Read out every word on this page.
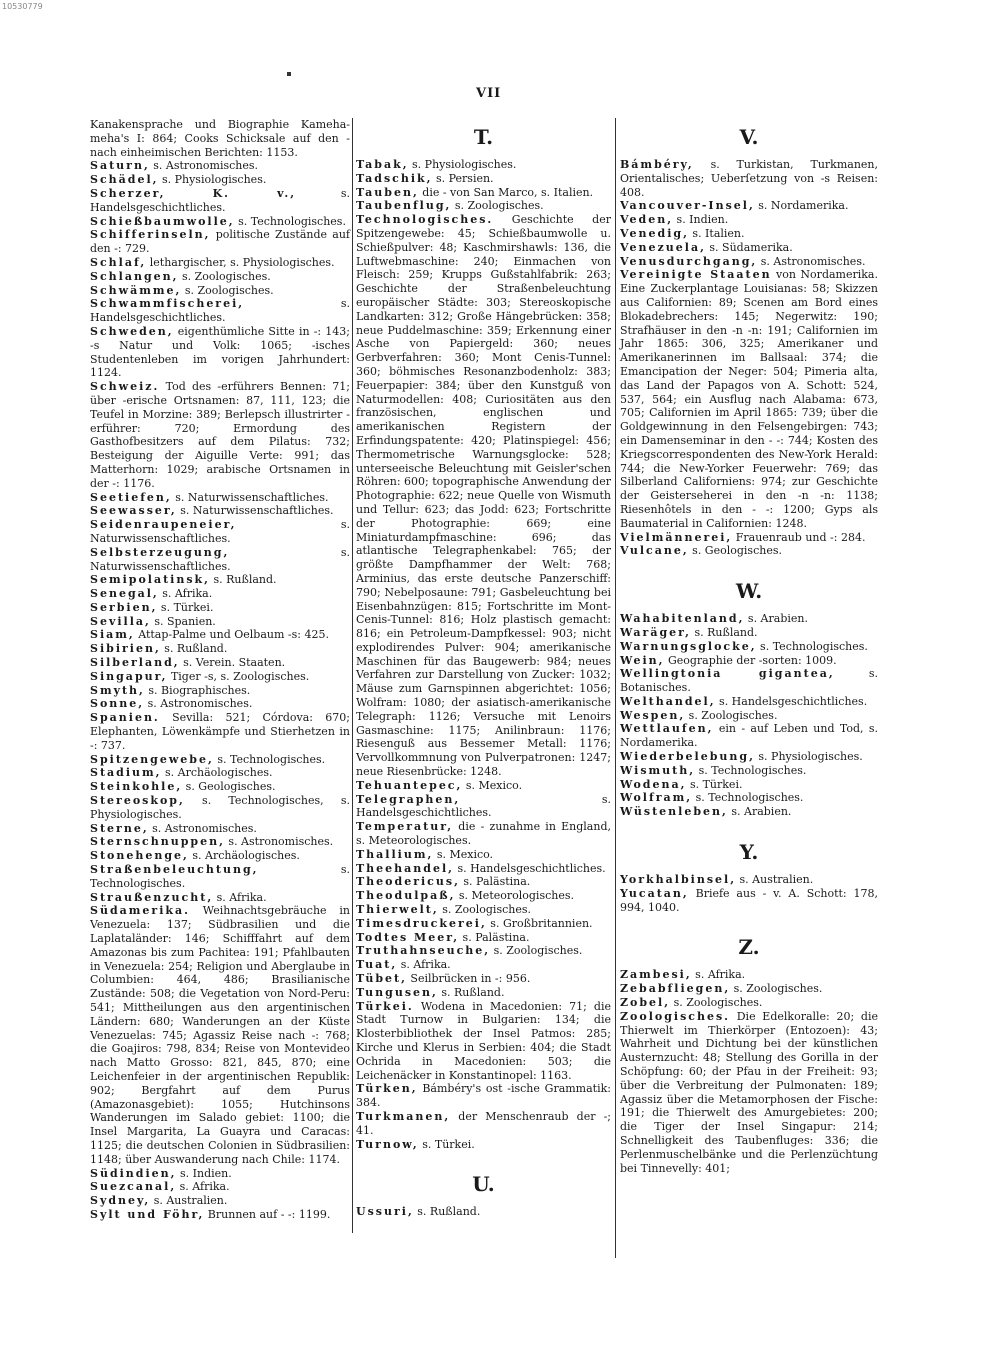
10530779
VII

Kanakensprache und Biographie Kameha-meha's I: 864; Cooks Schicksale auf den - nach einheimischen Berichten: 1153.

Saturn, s. Astronomisches.

Schädel, s. Physiologisches.

Scherzer, K. v., s. Handelsgeschichtliches.

Schießbaumwolle, s. Technologisches.

Schifferinseln, politische Zustände auf den -: 729.

Schlaf, lethargischer, s. Physiologisches.

Schlangen, s. Zoologisches.

Schwämme, s. Zoologisches.

Schwammfischerei, s. Handelsgeschichtliches.

Schweden, eigenthümliche Sitte in -: 143; -s Natur und Volk: 1065; -isches Studentenleben im vorigen Jahrhundert: 1124.

Schweiz. Tod des -erführers Bennen: 71; über -erische Ortsnamen: 87, 111, 123; die Teufel in Morzine: 389; Berlepsch illustrirter -erführer: 720; Ermordung des Gasthofbesitzers auf dem Pilatus: 732; Besteigung der Aiguille Verte: 991; das Matterhorn: 1029; arabische Ortsnamen in der -: 1176.

Seetiefen, s. Naturwissenschaftliches.

Seewasser, s. Naturwissenschaftliches.

Seidenraupeneier, s. Naturwissenschaftliches.

Selbsterzeugung, s. Naturwissenschaftliches.

Semipolatinsk, s. Rußland.

Senegal, s. Afrika.

Serbien, s. Türkei.

Sevilla, s. Spanien.

Siam, Attap-Palme und Oelbaum -s: 425.

Sibirien, s. Rußland.

Silberland, s. Verein. Staaten.

Singapur, Tiger -s, s. Zoologisches.

Smyth, s. Biographisches.

Sonne, s. Astronomisches.

Spanien. Sevilla: 521; Córdova: 670; Elephanten, Löwenkämpfe und Stierhetzen in -: 737.

Spitzengewebe, s. Technologisches.

Stadium, s. Archäologisches.

Steinkohle, s. Geologisches.

Stereoskop, s. Technologisches, s. Physiologisches.

Sterne, s. Astronomisches.

Sternschnuppen, s. Astronomisches.

Stonehenge, s. Archäologisches.

Straßenbeleuchtung, s. Technologisches.

Straußenzucht, s. Afrika.

Südamerika. Weihnachtsgebräuche in Venezuela: 137; Südbrasilien und die Laplataländer: 146; Schifffahrt auf dem Amazonas bis zum Pachitea: 191; Pfahlbauten in Venezuela: 254; Religion und Aberglaube in Columbien: 464, 486; Brasilianische Zustände: 508; die Vegetation von Nord-Peru: 541; Mittheilungen aus den argentinischen Ländern: 680; Wanderungen an der Küste Venezuelas: 745; Agassiz Reise nach -: 768; die Goajiros: 798, 834; Reise von Montevideo nach Matto Grosso: 821, 845, 870; eine Leichenfeier in der argentinischen Republik: 902; Bergfahrt auf dem Purus (Amazonasgebiet): 1055; Hutchinsons Wanderungen im Salado gebiet: 1100; die Insel Margarita, La Guayra und Caracas: 1125; die deutschen Colonien in Südbrasilien: 1148; über Auswanderung nach Chile: 1174.

Südindien, s. Indien.

Suezcanal, s. Afrika.

Sydney, s. Australien.

Sylt und Föhr, Brunnen auf - -: 1199.

T.

Tabak, s. Physiologisches.

Tadschik, s. Persien.

Tauben, die - von San Marco, s. Italien.

Taubenflug, s. Zoologisches.

Technologisches. Geschichte der Spitzengewebe: 45; Schießbaumwolle u. Schießpulver: 48; Kaschmirshawls: 136, die Luftwebmaschine: 240; Einmachen von Fleisch: 259; Krupps Gußstahlfabrik: 263; Geschichte der Straßenbeleuchtung europäischer Städte: 303; Stereoskopische Landkarten: 312; Große Hängebrücken: 358; neue Puddelmaschine: 359; Erkennung einer Asche von Papiergeld: 360; neues Gerbverfahren: 360; Mont Cenis-Tunnel: 360; böhmisches Resonanzbodenholz: 383; Feuerpapier: 384; über den Kunstguß von Naturmodellen: 408; Curiositäten aus den französischen, englischen und amerikanischen Registern der Erfindungspatente: 420; Platinspiegel: 456; Thermometrische Warnungsglocke: 528; unterseeische Beleuchtung mit Geisler'schen Röhren: 600; topographische Anwendung der Photographie: 622; neue Quelle von Wismuth und Tellur: 623; das Jodd: 623; Fortschritte der Photographie: 669; eine Miniaturdampfmaschine: 696; das atlantische Telegraphenkabel: 765; der größte Dampfhammer der Welt: 768; Arminius, das erste deutsche Panzerschiff: 790; Nebelposaune: 791; Gasbeleuchtung bei Eisenbahnzügen: 815; Fortschritte im Mont-Cenis-Tunnel: 816; Holz plastisch gemacht: 816; ein Petroleum-Dampfkessel: 903; nicht explodirendes Pulver: 904; amerikanische Maschinen für das Baugewerb: 984; neues Verfahren zur Darstellung von Zucker: 1032; Mäuse zum Garnspinnen abgerichtet: 1056; Wolfram: 1080; der asiatisch-amerikanische Telegraph: 1126; Versuche mit Lenoirs Gasmaschine: 1175; Anilinbraun: 1176; Riesenguß aus Bessemer Metall: 1176; Vervollkommnung von Pulverpatronen: 1247; neue Riesenbrücke: 1248.

Tehuantepec, s. Mexico.

Telegraphen, s. Handelsgeschichtliches.

Temperatur, die - zunahme in England, s. Meteorologisches.

Thallium, s. Mexico.

Theehandel, s. Handelsgeschichtliches.

Theodericus, s. Palästina.

Theodulpaß, s. Meteorologisches.

Thierwelt, s. Zoologisches.

Timesdruckerei, s. Großbritannien.

Todtes Meer, s. Palästina.

Truthahnseuche, s. Zoologisches.

Tuat, s. Afrika.

Tübet, Seilbrücken in -: 956.

Tungusen, s. Rußland.

Türkei. Wodena in Macedonien: 71; die Stadt Turnow in Bulgarien: 134; die Klosterbibliothek der Insel Patmos: 285; Kirche und Klerus in Serbien: 404; die Stadt Ochrida in Macedonien: 503; die Leichenäcker in Konstantinopel: 1163.

Türken, Bámbéry's ost -ische Grammatik: 384.

Turkmanen, der Menschenraub der -; 41.

Turnow, s. Türkei.

U.

Ussuri, s. Rußland.

V.

Bámbéry, s. Turkistan, Turkmanen, Orientalisches; Ueberſetzung von -s Reisen: 408.

Vancouver-Insel, s. Nordamerika.

Veden, s. Indien.

Venedig, s. Italien.

Venezuela, s. Südamerika.

Venusdurchgang, s. Astronomisches.

Vereinigte Staaten von Nordamerika. Eine Zuckerplantage Louisianas: 58; Skizzen aus Californien: 89; Scenen am Bord eines Blokadebrechers: 145; Negerwitz: 190; Strafhäuser in den -n -n: 191; Californien im Jahr 1865: 306, 325; Amerikaner und Amerikanerinnen im Ballsaal: 374; die Emancipation der Neger: 504; Pimeria alta, das Land der Papagos von A. Schott: 524, 537, 564; ein Ausflug nach Alabama: 673, 705; Californien im April 1865: 739; über die Goldgewinnung in den Felsengebirgen: 743; ein Damenseminar in den - -: 744; Kosten des Kriegscorrespondenten des New-York Herald: 744; die New-Yorker Feuerwehr: 769; das Silberland Californiens: 974; zur Geschichte der Geisterseherei in den -n -n: 1138; Riesenhôtels in den - -: 1200; Gyps als Baumaterial in Californien: 1248.

Vielmännerei, Frauenraub und -: 284.

Vulcane, s. Geologisches.

W.

Wahabitenland, s. Arabien.

Waräger, s. Rußland.

Warnungsglocke, s. Technologisches.

Wein, Geographie der -sorten: 1009.

Wellingtonia gigantea, s. Botanisches.

Welthandel, s. Handelsgeschichtliches.

Wespen, s. Zoologisches.

Wettlaufen, ein - auf Leben und Tod, s. Nordamerika.

Wiederbelebung, s. Physiologisches.

Wismuth, s. Technologisches.

Wodena, s. Türkei.

Wolfram, s. Technologisches.

Wüstenleben, s. Arabien.

Y.

Yorkhalbinsel, s. Australien.

Yucatan, Briefe aus - v. A. Schott: 178, 994, 1040.

Z.

Zambesi, s. Afrika.

Zebabfliegen, s. Zoologisches.

Zobel, s. Zoologisches.

Zoologisches. Die Edelkoralle: 20; die Thierwelt im Thierkörper (Entozoen): 43; Wahrheit und Dichtung bei der künstlichen Austernzucht: 48; Stellung des Gorilla in der Schöpfung: 60; der Pfau in der Freiheit: 93; über die Verbreitung der Pulmonaten: 189; Agassiz über die Metamorphosen der Fische: 191; die Thierwelt des Amurgebietes: 200; die Tiger der Insel Singapur: 214; Schnelligkeit des Taubenfluges: 336; die Perlenmuschelbänke und die Perlenzüchtung bei Tinnevelly: 401;
